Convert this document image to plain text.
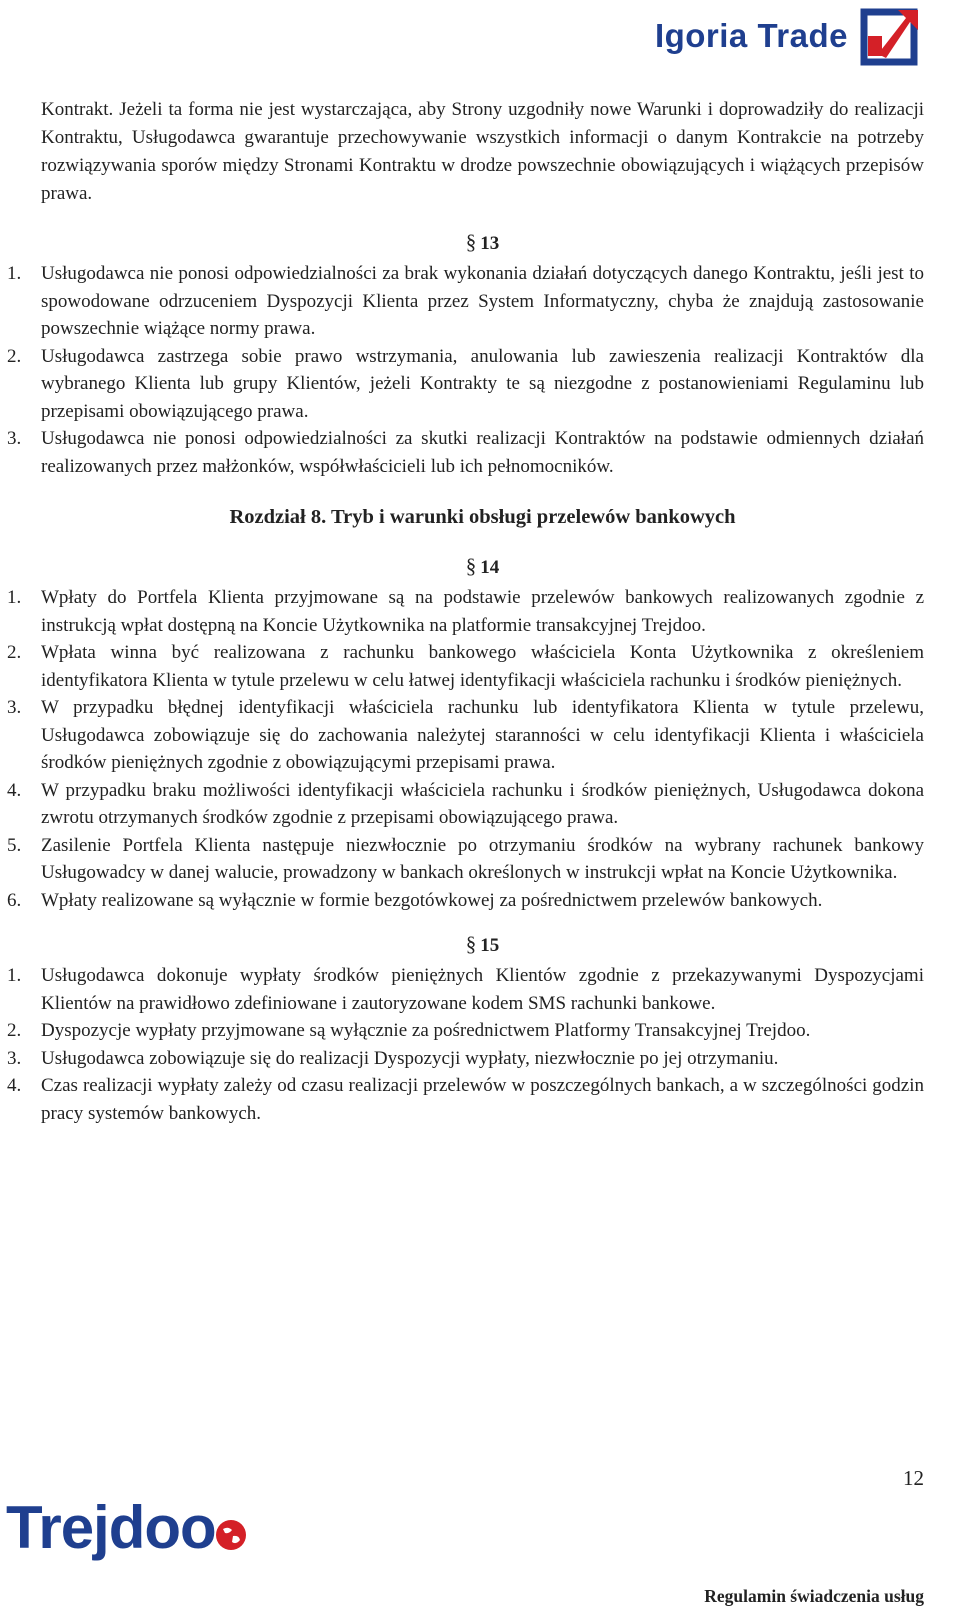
Igoria Trade

Kontrakt. Jeżeli ta forma nie jest wystarczająca, aby Strony uzgodniły nowe Warunki i doprowadziły do realizacji Kontraktu, Usługodawca gwarantuje przechowywanie wszystkich informacji o danym Kontrakcie na potrzeby rozwiązywania sporów między Stronami Kontraktu w drodze powszechnie obowiązujących i wiążących przepisów prawa.

§ 13
1. Usługodawca nie ponosi odpowiedzialności za brak wykonania działań dotyczących danego Kontraktu, jeśli jest to spowodowane odrzuceniem Dyspozycji Klienta przez System Informatyczny, chyba że znajdują zastosowanie powszechnie wiążące normy prawa.
2. Usługodawca zastrzega sobie prawo wstrzymania, anulowania lub zawieszenia realizacji Kontraktów dla wybranego Klienta lub grupy Klientów, jeżeli Kontrakty te są niezgodne z postanowieniami Regulaminu lub przepisami obowiązującego prawa.
3. Usługodawca nie ponosi odpowiedzialności za skutki realizacji Kontraktów na podstawie odmiennych działań realizowanych przez małżonków, współwłaścicieli lub ich pełnomocników.
Rozdział 8. Tryb i warunki obsługi przelewów bankowych
§ 14
1. Wpłaty do Portfela Klienta przyjmowane są na podstawie przelewów bankowych realizowanych zgodnie z instrukcją wpłat dostępną na Koncie Użytkownika na platformie transakcyjnej Trejdoo.
2. Wpłata winna być realizowana z rachunku bankowego właściciela Konta Użytkownika z określeniem identyfikatora Klienta w tytule przelewu w celu łatwej identyfikacji właściciela rachunku i środków pieniężnych.
3. W przypadku błędnej identyfikacji właściciela rachunku lub identyfikatora Klienta w tytule przelewu, Usługodawca zobowiązuje się do zachowania należytej staranności w celu identyfikacji Klienta i właściciela środków pieniężnych zgodnie z obowiązującymi przepisami prawa.
4. W przypadku braku możliwości identyfikacji właściciela rachunku i środków pieniężnych, Usługodawca dokona zwrotu otrzymanych środków zgodnie z przepisami obowiązującego prawa.
5. Zasilenie Portfela Klienta następuje niezwłocznie po otrzymaniu środków na wybrany rachunek bankowy Usługowadcy w danej walucie, prowadzony w bankach określonych w instrukcji wpłat na Koncie Użytkownika.
6. Wpłaty realizowane są wyłącznie w formie bezgotówkowej za pośrednictwem przelewów bankowych.
§ 15
1. Usługodawca dokonuje wypłaty środków pieniężnych Klientów zgodnie z przekazywanymi Dyspozycjami Klientów na prawidłowo zdefiniowane i zautoryzowane kodem SMS rachunki bankowe.
2. Dyspozycje wypłaty przyjmowane są wyłącznie za pośrednictwem Platformy Transakcyjnej Trejdoo.
3. Usługodawca zobowiązuje się do realizacji Dyspozycji wypłaty, niezwłocznie po jej otrzymaniu.
4. Czas realizacji wypłaty zależy od czasu realizacji przelewów w poszczególnych bankach, a w szczególności godzin pracy systemów bankowych.
12
Trejdoo
Regulamin świadczenia usług
